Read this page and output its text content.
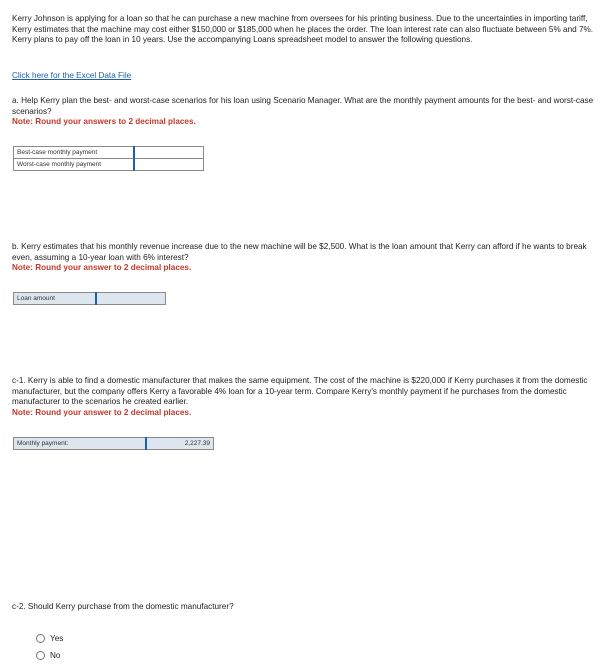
Kerry Johnson is applying for a loan so that he can purchase a new machine from oversees for his printing business. Due to the uncertainties in importing tariff, Kerry estimates that the machine may cost either $150,000 or $185,000 when he places the order. The loan interest rate can also fluctuate between 5% and 7%. Kerry plans to pay off the loan in 10 years. Use the accompanying Loans spreadsheet model to answer the following questions.
Click here for the Excel Data File
a. Help Kerry plan the best- and worst-case scenarios for his loan using Scenario Manager. What are the monthly payment amounts for the best- and worst-case scenarios?
Note: Round your answers to 2 decimal places.
Best-case monthly payment	
Worst-case monthly payment	
b. Kerry estimates that his monthly revenue increase due to the new machine will be $2,500. What is the loan amount that Kerry can afford if he wants to break even, assuming a 10-year loan with 6% interest?
Note: Round your answer to 2 decimal places.
Loan amount	
c-1. Kerry is able to find a domestic manufacturer that makes the same equipment. The cost of the machine is $220,000 if Kerry purchases it from the domestic manufacturer, but the company offers Kerry a favorable 4% loan for a 10-year term. Compare Kerry's monthly payment if he purchases from the domestic manufacturer to the scenarios he created earlier.
Note: Round your answer to 2 decimal places.
Monthly payment:	2,227.39
c-2. Should Kerry purchase from the domestic manufacturer?
Yes
No
